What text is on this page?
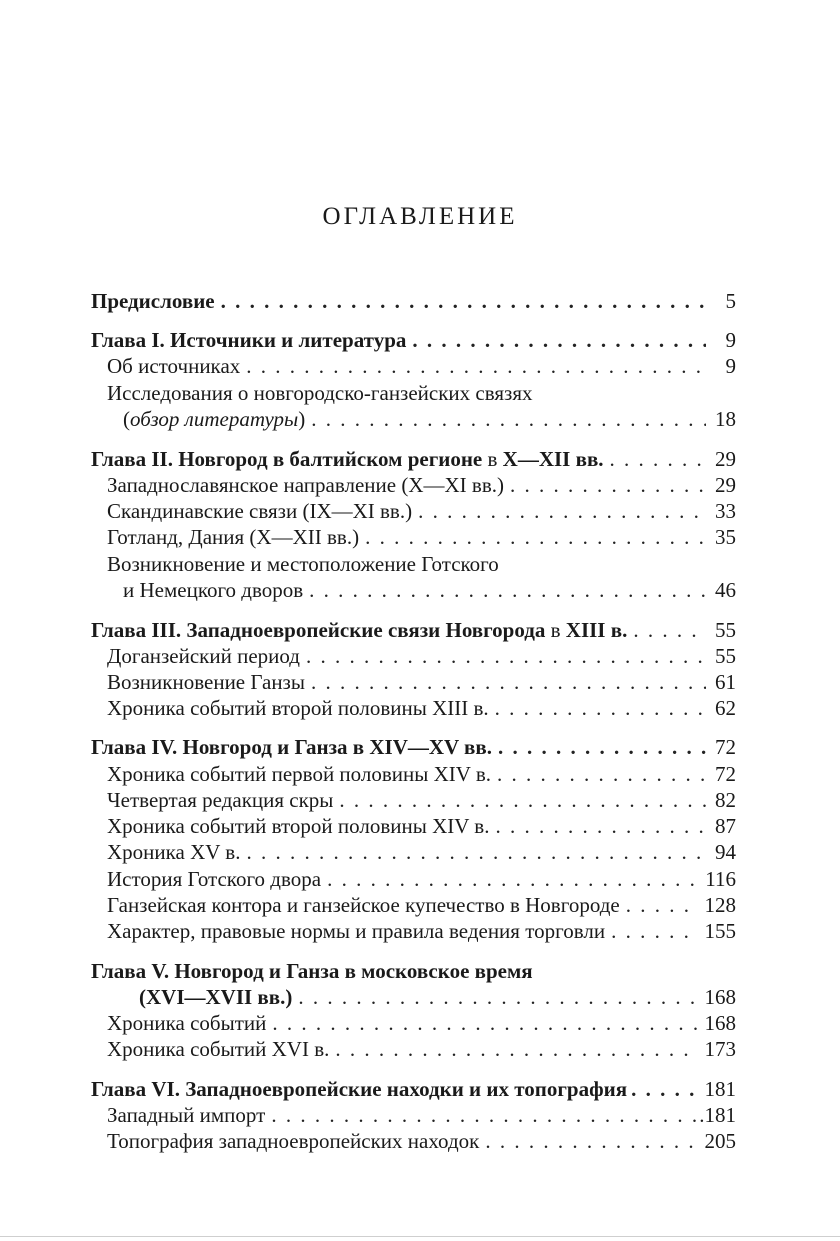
ОГЛАВЛЕНИЕ
Предисловие . . .	5
Глава I. Источники и литература . . .	9
Об источниках . . .	9
Исследования о новгородско-ганзейских связях
(обзор литературы) . . .	18
Глава II. Новгород в балтийском регионе в X—XII вв. . . .	29
Западнославянское направление (X—XI вв.) . . .	29
Скандинавские связи (IX—XI вв.) . . .	33
Готланд, Дания (X—XII вв.) . . .	35
Возникновение и местоположение Готского
и Немецкого дворов . . .	46
Глава III. Западноевропейские связи Новгорода в XIII в. . . .	55
Доганзейский период . . .	55
Возникновение Ганзы . . .	61
Хроника событий второй половины XIII в. . . .	62
Глава IV. Новгород и Ганза в XIV—XV вв. . . .	72
Хроника событий первой половины XIV в. . . .	72
Четвертая редакция скры . . .	82
Хроника событий второй половины XIV в. . . .	87
Хроника XV в. . . .	94
История Готского двора . . .	116
Ганзейская контора и ганзейское купечество в Новгороде . . .	128
Характер, правовые нормы и правила ведения торговли . . .	155
Глава V. Новгород и Ганза в московское время
(XVI—XVII вв.) . . .	168
Хроника событий . . .	168
Хроника событий XVI в. . . .	173
Глава VI. Западноевропейские находки и их топография . . .	181
Западный импорт . . .	.181
Топография западноевропейских находок . . .	205
